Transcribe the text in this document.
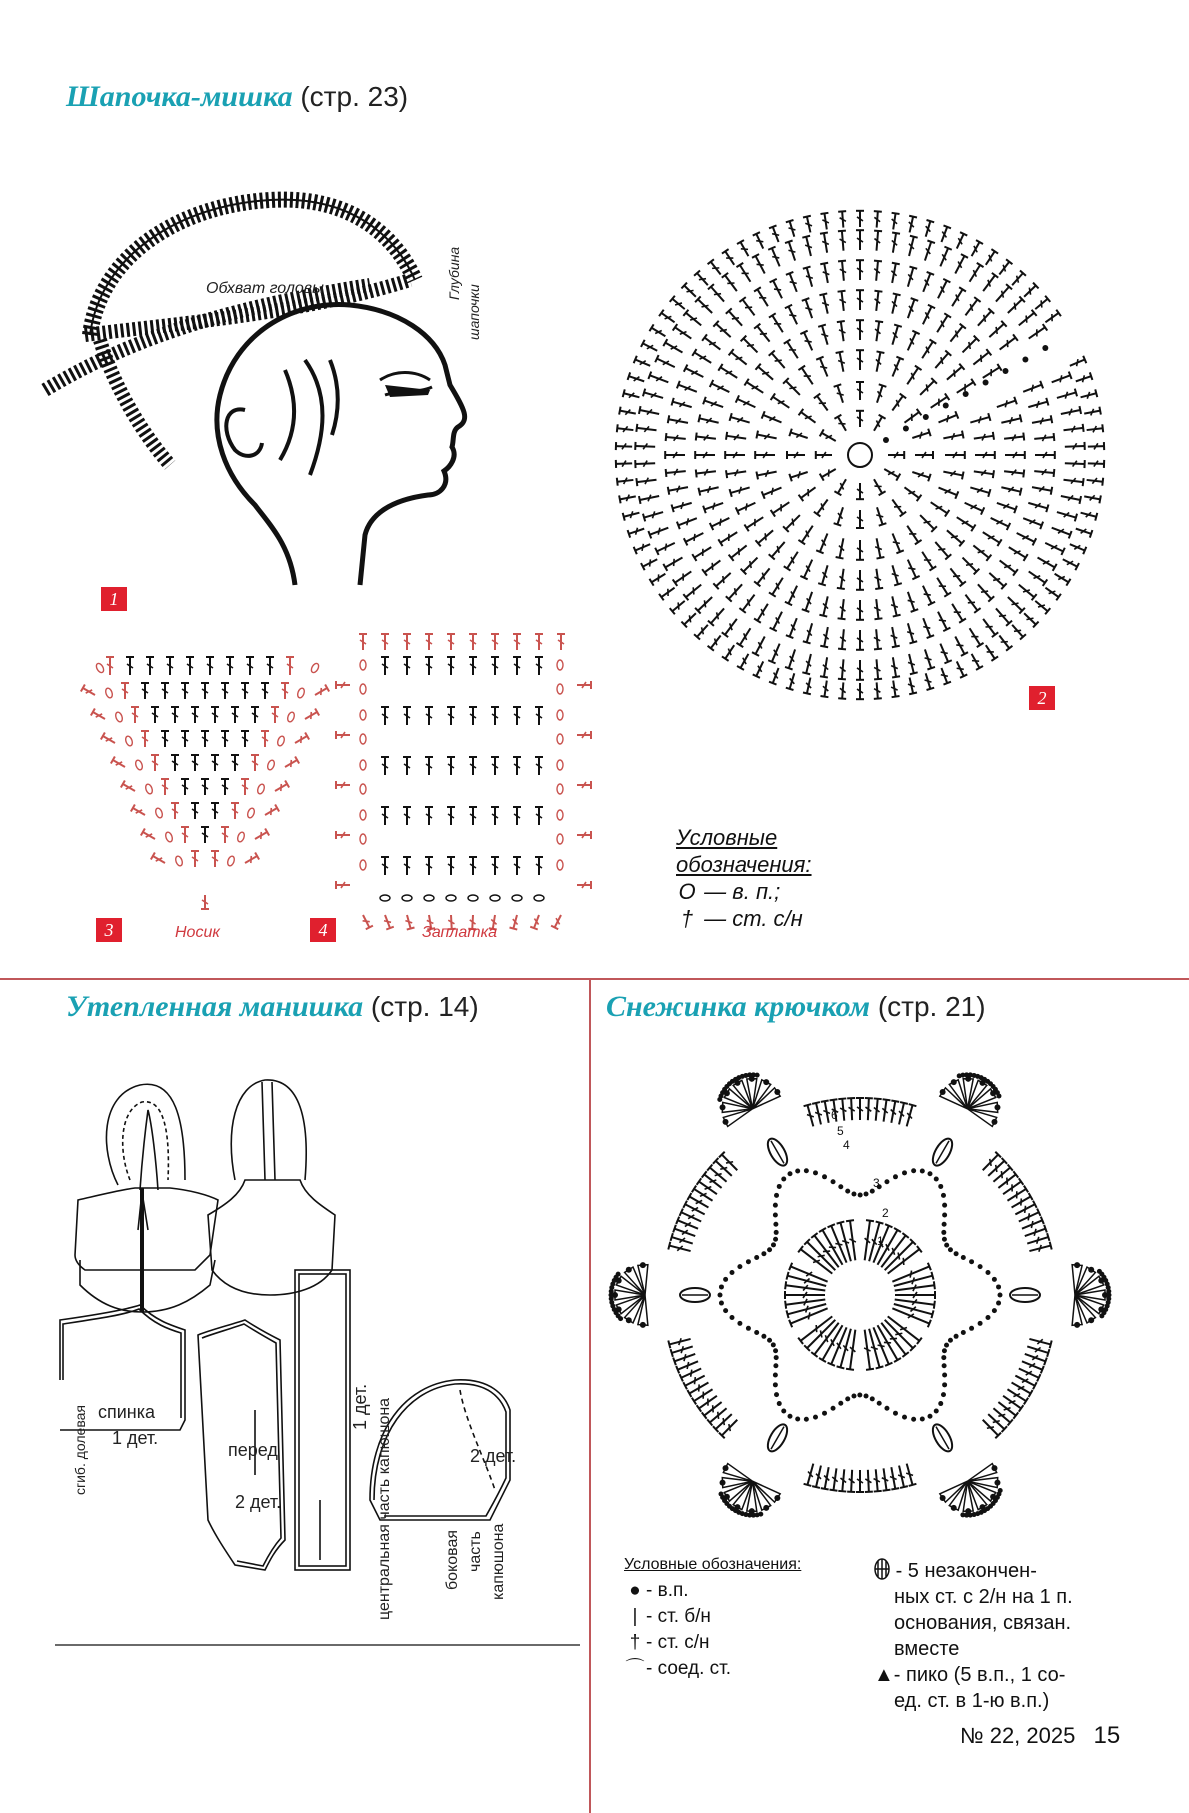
Шапочка-мишка (стр. 23)
Утепленная манишка (стр. 14)	Снежинка крючком (стр. 21)
Обхват головы	Глубина
шапочки
1
2
3	Носик	4	Заплатка
Условные
обозначения:
O — в. п.;
† — ст. с/н
сгиб. долевая спинка
1 дет.
перед
2 дет.
1 дет. центральная часть капюшона	2 дет.
боковая часть капюшона
1
2
3
4
5
6
Условные обозначения:
● - в.п.
| - ст. б/н
† - ст. с/н
⌒- соед. ст.
- 5 незакончен-
ных ст. с 2/н на 1 п.
основания, связан.
вместе
▲- пико (5 в.п., 1 со-
ед. ст. в 1-ю в.п.)
№ 22, 2025 15
